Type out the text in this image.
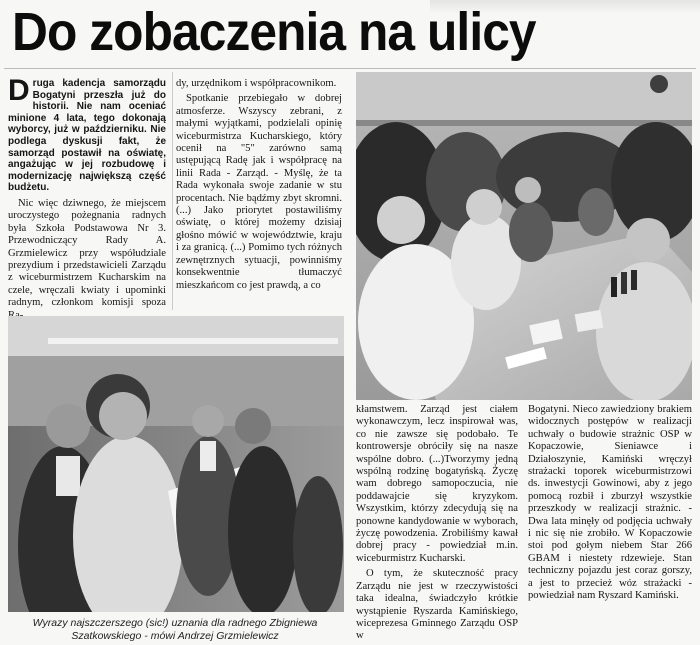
Do zobaczenia na ulicy

Druga kadencja samorządu Bogatyni przeszła już do historii. Nie nam oceniać minione 4 lata, tego dokonają wyborcy, już w październiku. Nie podlega dyskusji fakt, że samorząd postawił na oświatę, angażując w jej rozbudowę i modernizację największą część budżetu.

Nic więc dziwnego, że miejscem uroczystego pożegnania radnych była Szkoła Podstawowa Nr 3. Przewodniczący Rady A. Grzmielewicz przy współudziale prezydium i przedstawicieli Zarządu z wiceburmistrzem Kucharskim na czele, wręczali kwiaty i upominki radnym, członkom komisji spoza

dy, urzędnikom i współpracownikom.

Spotkanie przebiegało w dobrej atmosferze. Wszyscy zebrani, z małymi wyjątkami, podzielali opinię wiceburmistrza Kucharskiego, który ocenił na "5" zarówno samą ustępującą Radę jak i współpracę na linii Rada - Zarząd. - Myślę, że ta Rada wykonała swoje zadanie w stu procentach. Nie bądźmy zbyt skromni. (...) Jako priorytet postawiliśmy oświatę, o której możemy dzisiaj głośno mówić w województwie, kraju i za granicą. (...) Pomimo tych różnych zewnętrznych sytuacji, powinniśmy konsekwentnie tłumaczyć mieszkańcom co jest prawdą, a co

Wyrazy najszczerszego (sic!) uznania dla radnego Zbigniewa Szatkowskiego - mówi Andrzej Grzmielewicz

kłamstwem. Zarząd jest ciałem wykonawczym, lecz inspirował was, co nie zawsze się podobało. Te kontrowersje obróciły się na nasze wspólne dobro. (...)Tworzymy jedną wspólną rodzinę bogatyńską. Życzę wam dobrego samopoczucia, nie poddawajcie się kryzykom. Wszystkim, którzy zdecydują się na ponowne kandydowanie w wyborach, życzę powodzenia. Zrobiliśmy kawał dobrej pracy - powiedział m.in. wiceburmistrz Kucharski.

O tym, że skuteczność pracy Zarządu nie jest w rzeczywistości taka idealna, świadczyło krótkie wystąpienie Ryszarda Kamińskiego, wiceprezesa Gminnego Zarządu OSP w

Bogatyni. Nieco zawiedziony brakiem widocznych postępów w realizacji uchwały o budowie strażnic OSP w Kopaczowie, Sieniawce i Działoszynie, Kamiński wręczył strażacki toporek wiceburmistrzowi ds. inwestycji Gowinowi, aby z jego pomocą rozbił i zburzył wszystkie przeszkody w realizacji strażnic. - Dwa lata minęły od podjęcia uchwały i nic się nie zrobiło. W Kopaczowie stoi pod gołym niebem Star 266 GBAM i niestety rdzewieje. Stan techniczny pojazdu jest coraz gorszy, a jest to przecież wóz strażacki - powiedział nam Ryszard Kamiński.
